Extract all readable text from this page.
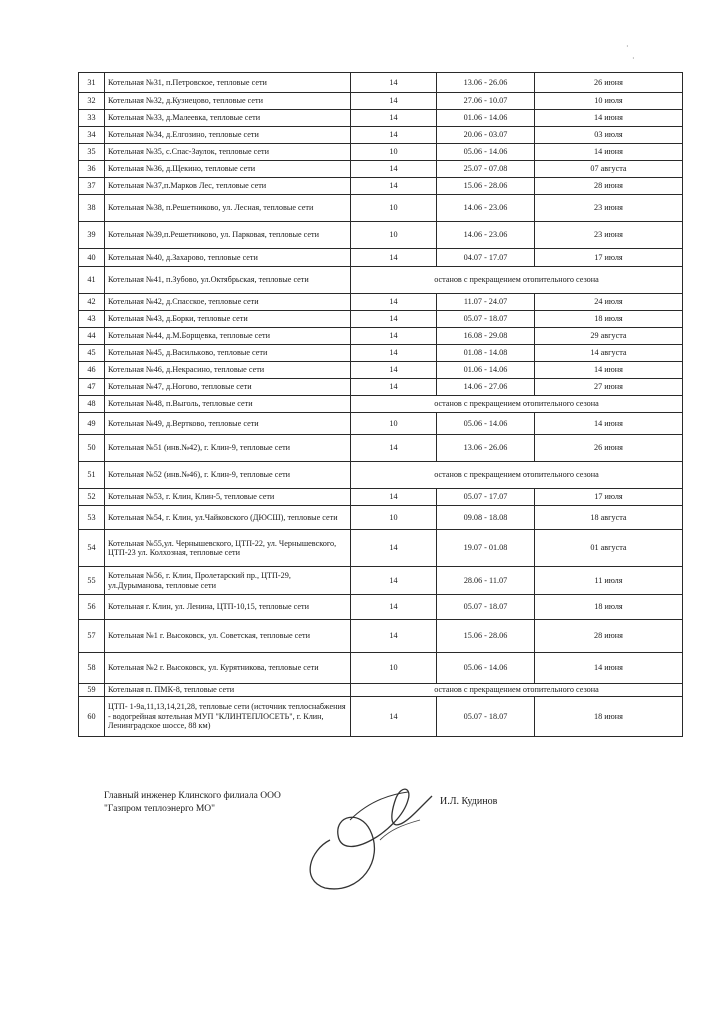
31	Котельная №31, п.Петровское, тепловые сети	14	13.06 - 26.06	26 июня
32	Котельная №32, д.Кузнецово, тепловые сети	14	27.06 - 10.07	10 июля
33	Котельная №33, д.Малеевка, тепловые сети	14	01.06 - 14.06	14 июня
34	Котельная №34, д.Елгозино, тепловые сети	14	20.06 - 03.07	03 июля
35	Котельная №35, с.Спас-Заулок, тепловые сети	10	05.06 - 14.06	14 июня
36	Котельная №36, д.Щекино, тепловые сети	14	25.07 - 07.08	07 августа
37	Котельная №37,п.Марков Лес, тепловые сети	14	15.06 - 28.06	28 июня
38	Котельная №38, п.Решетниково, ул. Лесная, тепловые сети	10	14.06 - 23.06	23 июня
39	Котельная №39,п.Решетниково, ул. Парковая, тепловые сети	10	14.06 - 23.06	23 июня
40	Котельная №40, д.Захарово, тепловые сети	14	04.07 - 17.07	17 июля
41	Котельная №41, п.Зубово, ул.Октябрьская, тепловые сети	останов с прекращением отопительного сезона		
42	Котельная №42, д.Спасское, тепловые сети	14	11.07 - 24.07	24 июля
43	Котельная №43, д.Борки, тепловые сети	14	05.07 - 18.07	18 июля
44	Котельная №44, д.М.Борщевка, тепловые сети	14	16.08 - 29.08	29 августа
45	Котельная №45, д.Василькoво, тепловые сети	14	01.08 - 14.08	14 августа
46	Котельная №46, д.Некрасино, тепловые сети	14	01.06 - 14.06	14 июня
47	Котельная №47, д.Ногово, тепловые сети	14	14.06 - 27.06	27 июня
48	Котельная №48, п.Выголь, тепловые сети	останов с прекращением отопительного сезона		
49	Котельная №49, д.Вертково, тепловые сети	10	05.06 - 14.06	14 июня
50	Котельная №51 (инв.№42), г. Клин-9, тепловые сети	14	13.06 - 26.06	26 июня
51	Котельная №52 (инв.№46), г. Клин-9, тепловые сети	останов с прекращением отопительного сезона		
52	Котельная №53, г. Клин, Клин-5, тепловые сети	14	05.07 - 17.07	17 июля
53	Котельная №54, г. Клин, ул.Чайковского (ДЮСШ), тепловые сети	10	09.08 - 18.08	18 августа
54	Котельная №55,ул. Чернышевского, ЦТП-22, ул. Чернышевского, ЦТП-23 ул. Колхозная, тепловые сети	14	19.07 - 01.08	01 августа
55	Котельная №56, г. Клин, Пролетарский пр., ЦТП-29, ул.Дурыманова, тепловые сети	14	28.06 - 11.07	11 июля
56	Котельная г. Клин, ул. Ленина, ЦТП-10,15, тепловые сети	14	05.07 - 18.07	18 июля
57	Котельная №1 г. Высоковск, ул. Советская, тепловые сети	14	15.06 - 28.06	28 июня
58	Котельная №2 г. Высоковск, ул. Курятникова, тепловые сети	10	05.06 - 14.06	14 июня
59	Котельная п. ПМК-8, тепловые сети	останов с прекращением отопительного сезона		
60	ЦТП- 1-9а,11,13,14,21,28, тепловые сети (источник теплоснабжения - водогрейная котельная МУП "КЛИНТЕПЛОСЕТЬ", г. Клин, Ленинградское шоссе, 88 км)	14	05.07 - 18.07	18 июня
Главный инженер Клинского филиала ООО
"Газпром теплоэнерго МО"
И.Л. Кудинов
·
·
